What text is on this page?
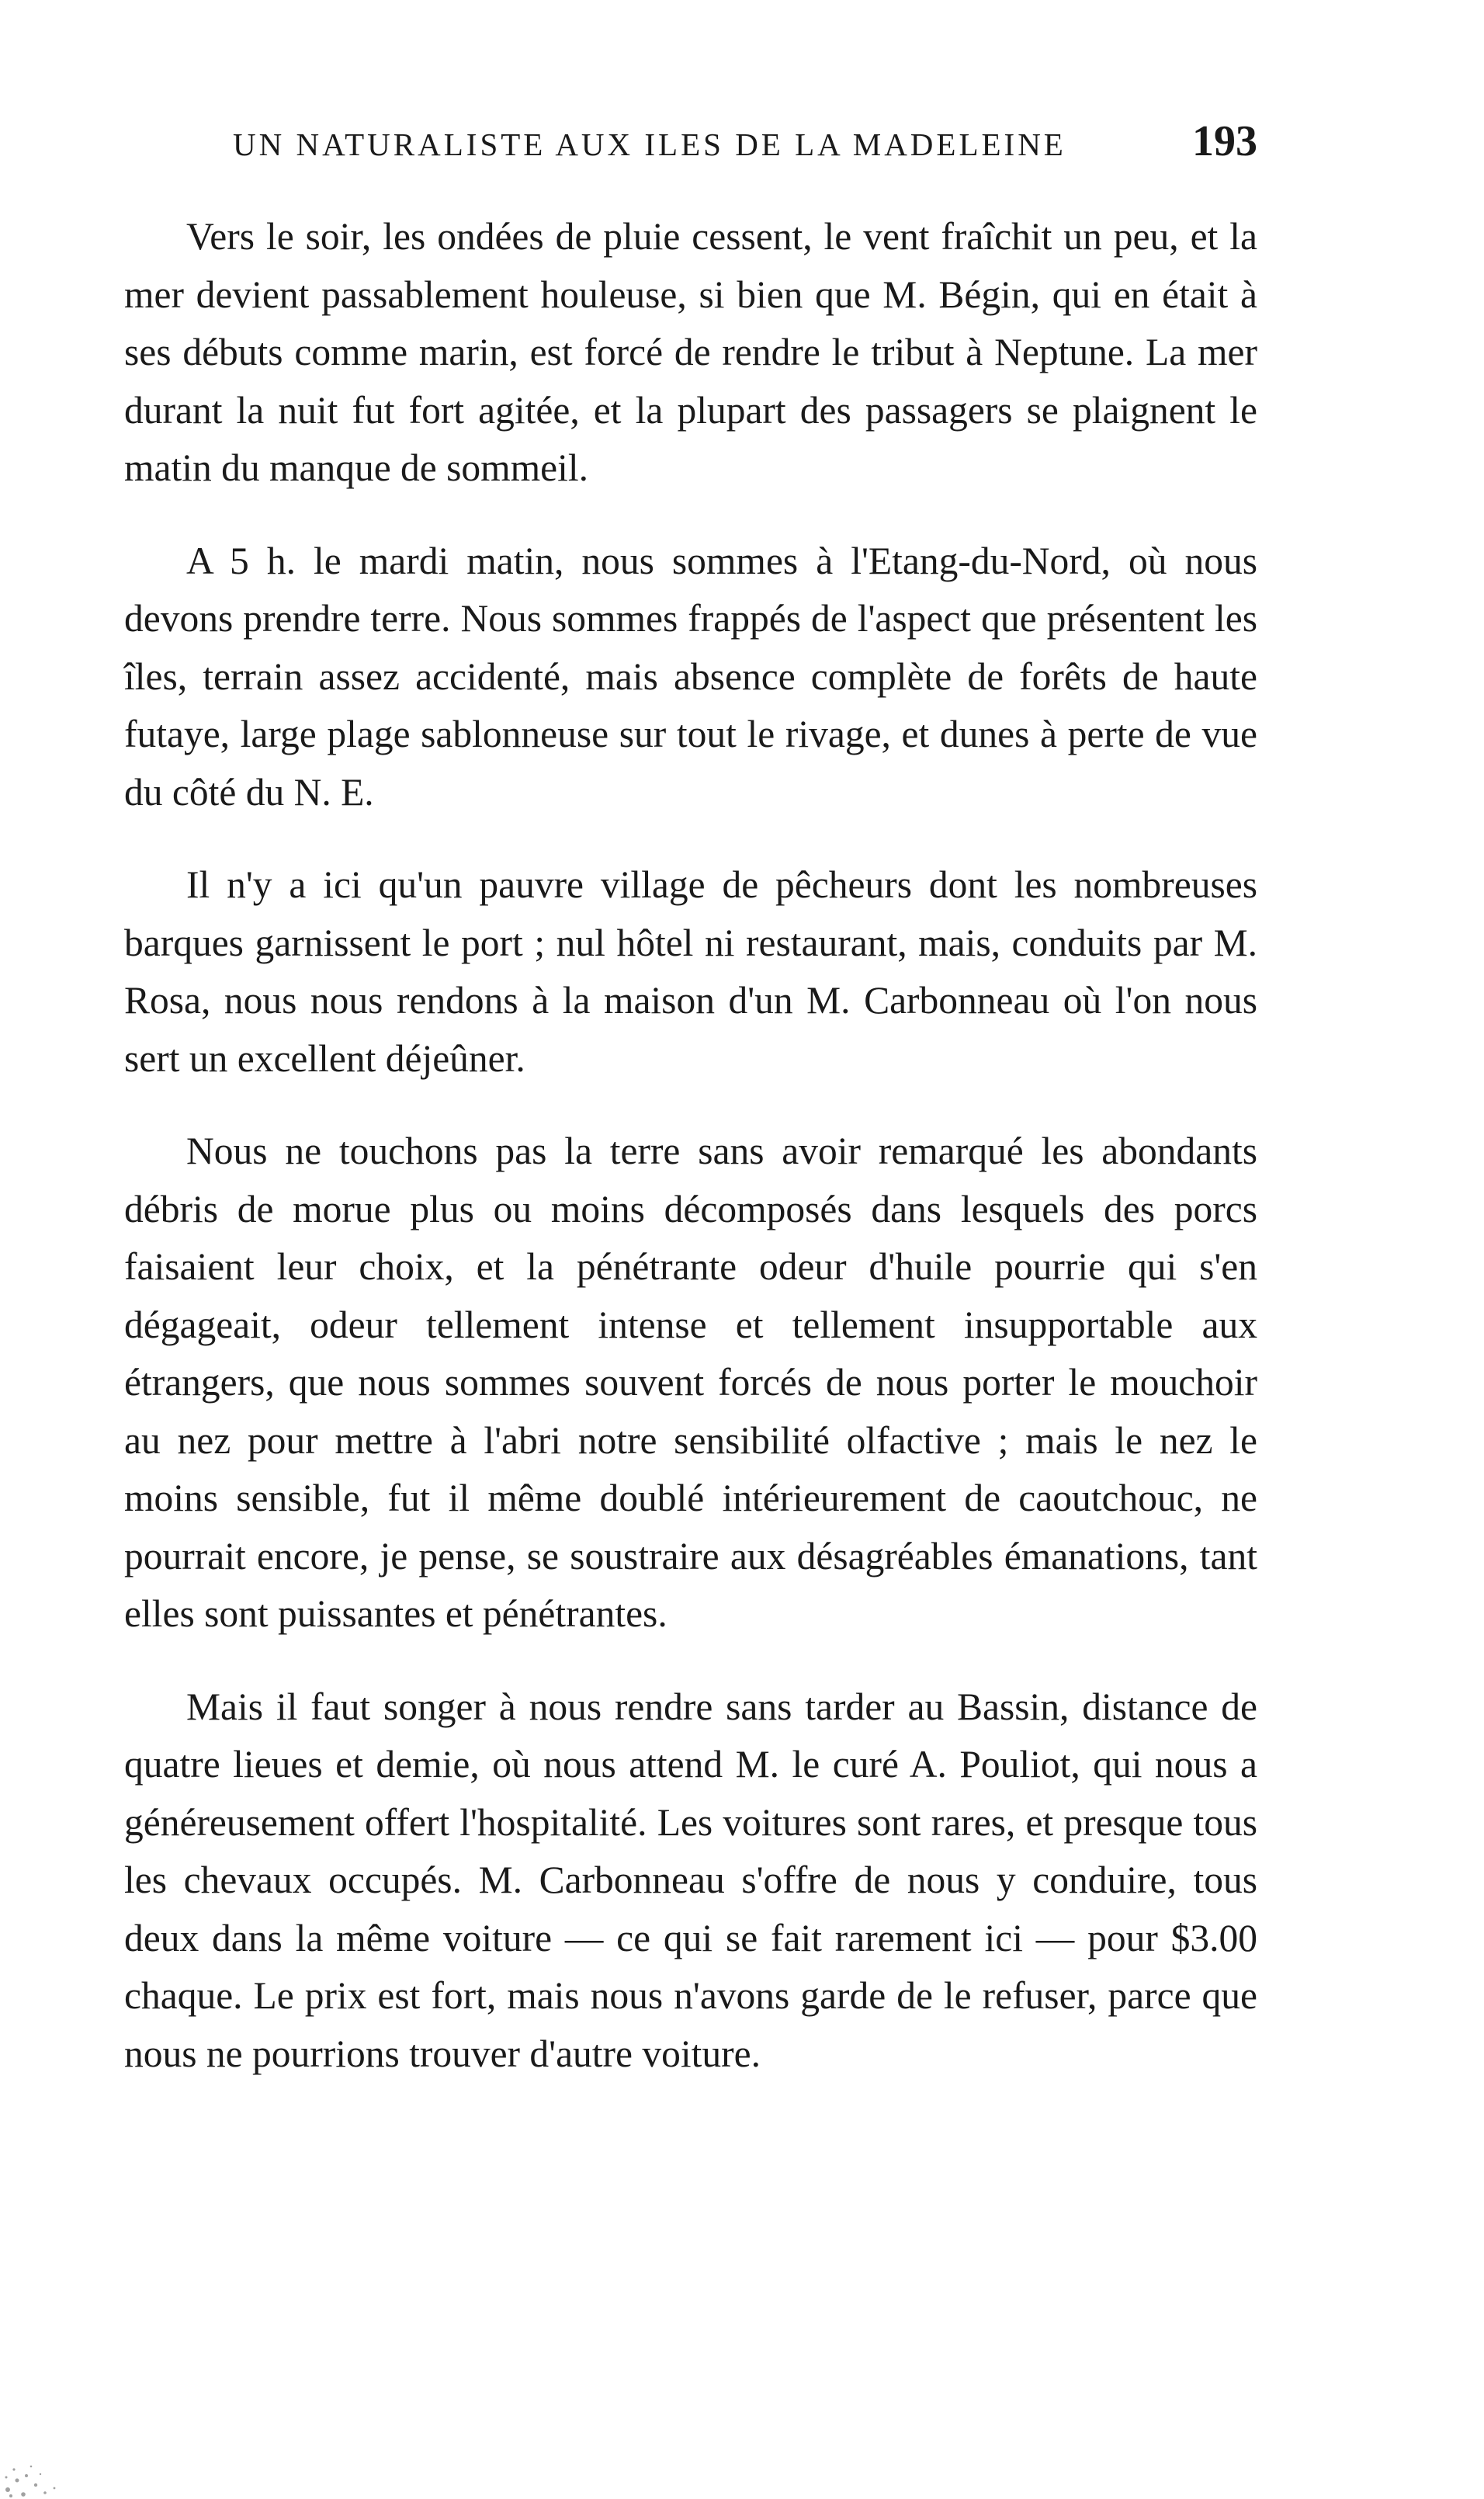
UN NATURALISTE AUX ILES DE LA MADELEINE	193

Vers le soir, les ondées de pluie cessent, le vent fraîchit un peu, et la mer devient passablement houleuse, si bien que M. Bégin, qui en était à ses débuts comme marin, est forcé de rendre le tribut à Neptune. La mer durant la nuit fut fort agitée, et la plupart des passagers se plaignent le matin du manque de sommeil.

A 5 h. le mardi matin, nous sommes à l'Etang-du-Nord, où nous devons prendre terre. Nous sommes frappés de l'aspect que présentent les îles, terrain assez accidenté, mais absence complète de forêts de haute futaye, large plage sablonneuse sur tout le rivage, et dunes à perte de vue du côté du N. E.

Il n'y a ici qu'un pauvre village de pêcheurs dont les nombreuses barques garnissent le port ; nul hôtel ni restaurant, mais, conduits par M. Rosa, nous nous rendons à la maison d'un M. Carbonneau où l'on nous sert un excellent déjeûner.

Nous ne touchons pas la terre sans avoir remarqué les abondants débris de morue plus ou moins décomposés dans lesquels des porcs faisaient leur choix, et la pénétrante odeur d'huile pourrie qui s'en dégageait, odeur tellement intense et tellement insupportable aux étrangers, que nous sommes souvent forcés de nous porter le mouchoir au nez pour mettre à l'abri notre sensibilité olfactive ; mais le nez le moins sensible, fut il même doublé intérieurement de caoutchouc, ne pourrait encore, je pense, se soustraire aux désagréables émanations, tant elles sont puissantes et pénétrantes.

Mais il faut songer à nous rendre sans tarder au Bassin, distance de quatre lieues et demie, où nous attend M. le curé A. Pouliot, qui nous a généreusement offert l'hospitalité. Les voitures sont rares, et presque tous les chevaux occupés. M. Carbonneau s'offre de nous y conduire, tous deux dans la même voiture — ce qui se fait rarement ici — pour $3.00 chaque. Le prix est fort, mais nous n'avons garde de le refuser, parce que nous ne pourrions trouver d'autre voiture.
